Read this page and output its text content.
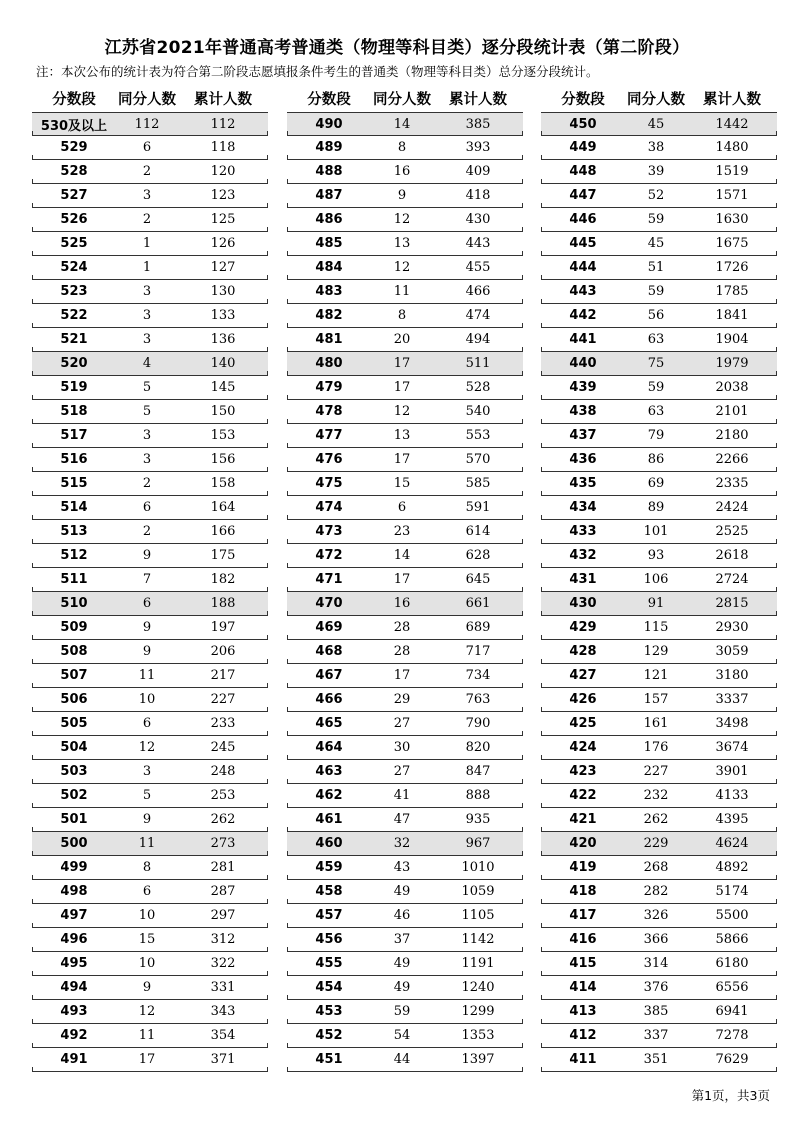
江苏省2021年普通高考普通类（物理等科目类）逐分段统计表（第二阶段）
注：本次公布的统计表为符合第二阶段志愿填报条件考生的普通类（物理等科目类）总分逐分段统计。
分数段	同分人数	累计人数
530及以上	112	112
529	6	118
528	2	120
527	3	123
526	2	125
525	1	126
524	1	127
523	3	130
522	3	133
521	3	136
520	4	140
519	5	145
518	5	150
517	3	153
516	3	156
515	2	158
514	6	164
513	2	166
512	9	175
511	7	182
510	6	188
509	9	197
508	9	206
507	11	217
506	10	227
505	6	233
504	12	245
503	3	248
502	5	253
501	9	262
500	11	273
499	8	281
498	6	287
497	10	297
496	15	312
495	10	322
494	9	331
493	12	343
492	11	354
491	17	371
分数段	同分人数	累计人数
490	14	385
489	8	393
488	16	409
487	9	418
486	12	430
485	13	443
484	12	455
483	11	466
482	8	474
481	20	494
480	17	511
479	17	528
478	12	540
477	13	553
476	17	570
475	15	585
474	6	591
473	23	614
472	14	628
471	17	645
470	16	661
469	28	689
468	28	717
467	17	734
466	29	763
465	27	790
464	30	820
463	27	847
462	41	888
461	47	935
460	32	967
459	43	1010
458	49	1059
457	46	1105
456	37	1142
455	49	1191
454	49	1240
453	59	1299
452	54	1353
451	44	1397
分数段	同分人数	累计人数
450	45	1442
449	38	1480
448	39	1519
447	52	1571
446	59	1630
445	45	1675
444	51	1726
443	59	1785
442	56	1841
441	63	1904
440	75	1979
439	59	2038
438	63	2101
437	79	2180
436	86	2266
435	69	2335
434	89	2424
433	101	2525
432	93	2618
431	106	2724
430	91	2815
429	115	2930
428	129	3059
427	121	3180
426	157	3337
425	161	3498
424	176	3674
423	227	3901
422	232	4133
421	262	4395
420	229	4624
419	268	4892
418	282	5174
417	326	5500
416	366	5866
415	314	6180
414	376	6556
413	385	6941
412	337	7278
411	351	7629
第1页，共3页
